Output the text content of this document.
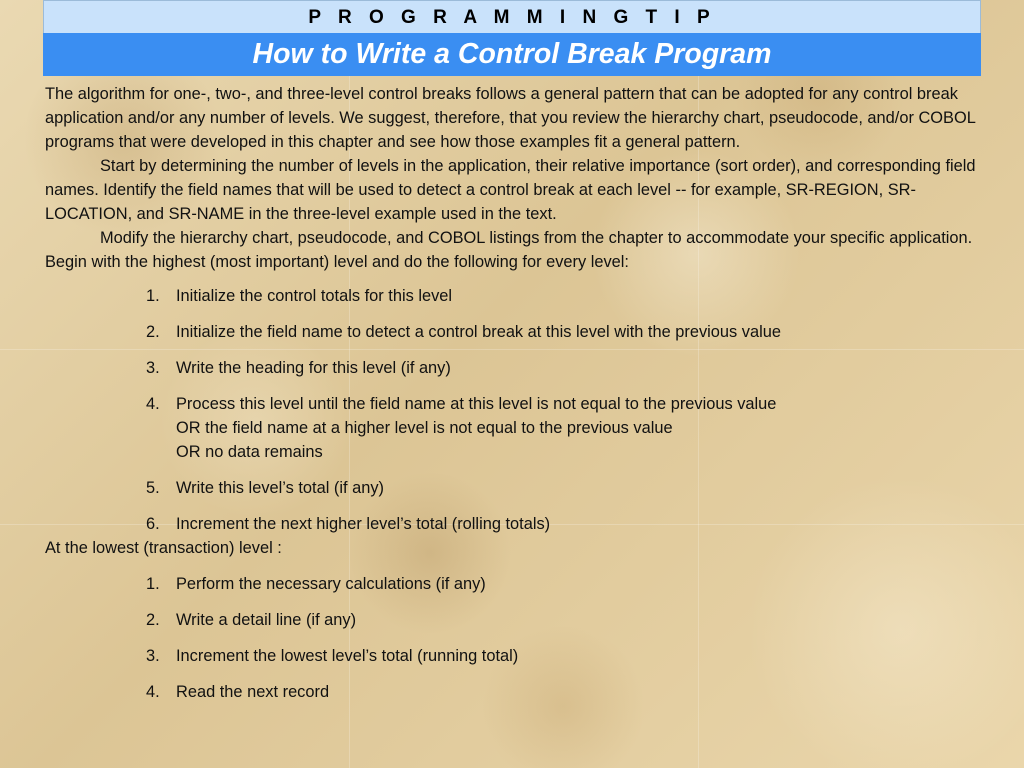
P R O G R A M M I N G T I P
How to Write a Control Break Program

The algorithm for one-, two-, and three-level control breaks follows a general pattern that can be adopted for any control break application and/or any number of levels. We suggest, therefore, that you review the hierarchy chart, pseudocode, and/or COBOL programs that were developed in this chapter and see how those examples fit a general pattern.

Start by determining the number of levels in the application, their relative importance (sort order), and corresponding field names. Identify the field names that will be used to detect a control break at each level -- for example, SR-REGION, SR-LOCATION, and SR-NAME in the three-level example used in the text.

Modify the hierarchy chart, pseudocode, and COBOL listings from the chapter to accommodate your specific application. Begin with the highest (most important) level and do the following for every level:

1. Initialize the control totals for this level
2. Initialize the field name to detect a control break at this level with the previous value
3. Write the heading for this level (if any)
4. Process this level until the field name at this level is not equal to the previous value
OR the field name at a higher level is not equal to the previous value
OR no data remains
5. Write this level’s total (if any)
6. Increment the next higher level’s total (rolling totals)

At the lowest (transaction) level :

1. Perform the necessary calculations (if any)
2. Write a detail line (if any)
3. Increment the lowest level’s total (running total)
4. Read the next record
